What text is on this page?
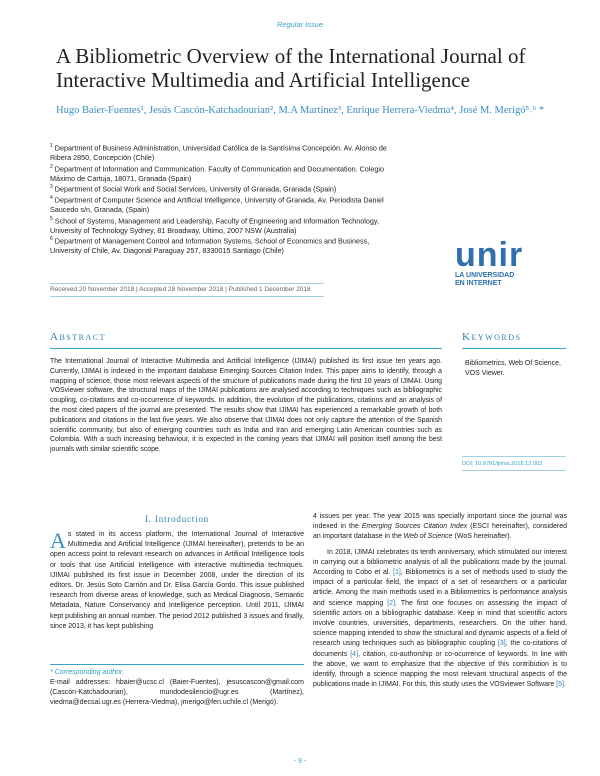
Regular Issue
A Bibliometric Overview of the International Journal of Interactive Multimedia and Artificial Intelligence
Hugo Baier-Fuentes¹, Jesús Cascón-Katchadourian², M.A Martínez³, Enrique Herrera-Viedma⁴, José M. Merigó⁵˒⁶ *
$^1$ Department of Business Administration, Universidad Católica de la Santísima Concepción. Av. Alonso de Ribera 2850, Concepción (Chile)
$^2$ Department of Information and Communication. Faculty of Communication and Documentation. Colegio Máximo de Cartuja, 18071, Granada (Spain)
$^3$ Department of Social Work and Social Services, University of Granada, Granada (Spain)
$^4$ Department of Computer Science and Artificial Intelligence, University of Granada, Av. Periodista Daniel Saucedo s/n, Granada, (Spain)
$^5$ School of Systems, Management and Leadership, Faculty of Engineering and Information Technology, University of Technology Sydney, 81 Broadway, Ultimo, 2007 NSW (Australia)
$^6$ Department of Management Control and Information Systems, School of Economics and Business, University of Chile, Av. Diagonal Paraguay 257, 8330015 Santiago (Chile)	unir
LA UNIVERSIDAD
EN INTERNET
Received 20 November 2018 | Accepted 28 November 2018 | Published 1 December 2018
Abstract
The International Journal of Interactive Multimedia and Artificial Intelligence (IJIMAI) published its first issue ten years ago. Currently, IJIMAI is indexed in the important database Emerging Sources Citation Index. This paper aims to identify, through a mapping of science, those most relevant aspects of the structure of publications made during the first 10 years of IJIMAI. Using VOSviewer software, the structural maps of the IJIMAI publications are analysed according to techniques such as bibliographic coupling, co-citations and co-occurrence of keywords. In addition, the evolution of the publications, citations and an analysis of the most cited papers of the journal are presented. The results show that IJIMAI has experienced a remarkable growth of both publications and citations in the last five years. We also observe that IJIMAI does not only capture the attention of the Spanish scientific community, but also of emerging countries such as India and Iran and emerging Latin American countries such as Colombia. With a such increasing behaviour, it is expected in the coming years that IJIMAI will position itself among the best journals with similar scientific scope.
Keywords
Bibliometrics, Web Of Science, VOS Viewer.
DOI: 10.9781/ijimai.2018.12.003
I. Introduction

As stated in its access platform, the International Journal of Interactive Multimedia and Artificial Intelligence (IJIMAI hereinafter), pretends to be an open access point to relevant research on advances in Artificial Intelligence tools or tools that use Artificial Intelligence with interactive multimedia techniques. IJIMAI published its first issue in December 2008, under the direction of its editors, Dr. Jesús Soto Carrión and Dr. Elisa García Gordo. This issue published research from diverse areas of knowledge, such as Medical Diagnosis, Semantic Metadata, Nature Conservancy and Intelligence perception. Until 2011, IJIMAI kept publishing an annual number. The period 2012 published 3 issues and finally, since 2013, it has kept publishing

* Corresponding author.
E-mail addresses: hbaier@ucsc.cl (Baier-Fuentes), jesuscascon@gmail.com (Cascón-Katchadourian), mundodesilencio@ugr.es (Martínez), viedma@decsai.ugr.es (Herrera-Viedma), jmerigo@fen.uchile.cl (Merigó).

4 issues per year. The year 2015 was specially important since the journal was indexed in the Emerging Sources Citation Index (ESCI hereinafter), considered an important database in the Web of Science (WoS hereinafter).

In 2018, IJIMAI celebrates its tenth anniversary, which stimulated our interest in carrying out a bibliometric analysis of all the publications made by the journal. According to Cobo et al. [1], Bibliometrics is a set of methods used to study the impact of a particular field, the impact of a set of researchers or a particular article. Among the main methods used in a Bibliometrics is performance analysis and science mapping [2]. The first one focuses on assessing the impact of scientific actors on a bibliographic database. Keep in mind that scientific actors involve countries, universities, departments, researchers. On the other hand, science mapping intended to show the structural and dynamic aspects of a field of research using techniques such as bibliographic coupling [3], the co-citations of documents [4], citation, co-authorship or co-ocurrence of keywords. In line with the above, we want to emphasize that the objective of this contribution is to identify, through a science mapping the most relevant structural aspects of the publications made in IJIMAI. For this, this study uses the VOSviewer Software [5].

- 9 -
